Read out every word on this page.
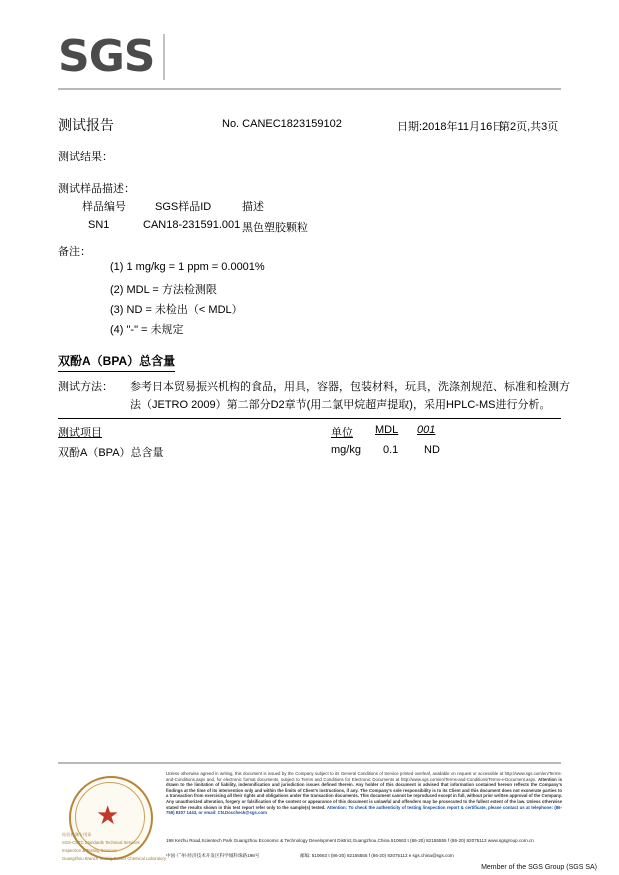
SGS
测试报告	No. CANEC1823159102	日期:2018年11月16日
第2页,共3页
测试结果：
测试样品描述：
样品编号	SGS样品ID	描述
SN1	CAN18-231591.001 黑色塑胶颗粒
备注：
(1) 1 mg/kg = 1 ppm = 0.0001%
(2) MDL = 方法检测限
(3) ND = 未检出（< MDL）
(4) "-" = 未规定
双酚A（BPA）总含量
测试方法： 参考日本贸易振兴机构的食品，用具，容器，包装材料，玩具，洗涤剂规范、标准和检测方
法（JETRO 2009）第二部分D2章节(用二氯甲烷超声提取)，采用HPLC-MS进行分析。
测试项目	单位 MDL 001
双酚A（BPA）总含量	mg/kg 0.1 ND
★
检验检测专用章
SGS-CSTC Standards Technical Services
Inspection & Testing Services
Guangzhou Branch Testing Center Chemical Laboratory
Unless otherwise agreed in writing, this document is issued by the Company subject to its General Conditions of Service printed overleaf, available on request or accessible at http://www.sgs.com/en/Terms-and-Conditions.aspx and, for electronic format documents, subject to Terms and Conditions for Electronic Documents at http://www.sgs.com/en/Terms-and-Conditions/Terms-e-Document.aspx. Attention is drawn to the limitation of liability, indemnification and jurisdiction issues defined therein. Any holder of this document is advised that information contained hereon reflects the Company's findings at the time of its intervention only and within the limits of Client's instructions, if any. The Company's sole responsibility is to its Client and this document does not exonerate parties to a transaction from exercising all their rights and obligations under the transaction documents. This document cannot be reproduced except in full, without prior written approval of the Company. Any unauthorized alteration, forgery or falsification of the content or appearance of this document is unlawful and offenders may be prosecuted to the fullest extent of the law. Unless otherwise stated the results shown in this test report refer only to the sample(s) tested. Attention: To check the authenticity of testing /inspection report & certificate, please contact us at telephone: (86-755) 8307 1443, or email: CN.Doccheck@sgs.com
198 Kezhu Road,Scientech Park Guangzhou Economic & Technology Development District,Guangzhou,China 510663 t (86-20) 82155555 f (86-20) 82075113 www.sgsgroup.com.cn
中国·广州·经济技术开发区科学城科珠路198号	邮编: 510663 t (86-20) 82155555 f (86-20) 82075113 e sgs.china@sgs.com
Member of the SGS Group (SGS SA)
